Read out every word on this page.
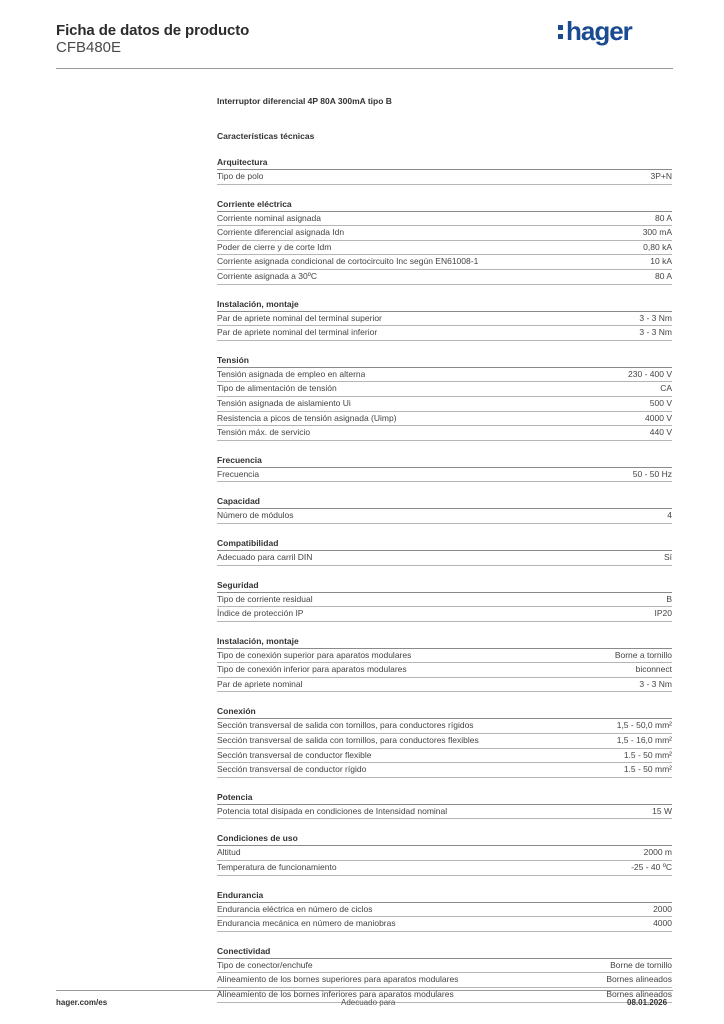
Ficha de datos de producto
CFB480E
hager
Interruptor diferencial 4P 80A 300mA tipo B
Características técnicas
Arquitectura
Tipo de polo	3P+N
Corriente eléctrica
Corriente nominal asignada	80 A
Corriente diferencial asignada Idn	300 mA
Poder de cierre y de corte Idm	0,80 kA
Corriente asignada condicional de cortocircuito Inc según EN61008-1	10 kA
Corriente asignada a 30ºC	80 A
Instalación, montaje
Par de apriete nominal del terminal superior	3 - 3 Nm
Par de apriete nominal del terminal inferior	3 - 3 Nm
Tensión
Tensión asignada de empleo en alterna	230 - 400 V
Tipo de alimentación de tensión	CA
Tensión asignada de aislamiento Ui	500 V
Resistencia a picos de tensión asignada (Uimp)	4000 V
Tensión máx. de servicio	440 V
Frecuencia
Frecuencia	50 - 50 Hz
Capacidad
Número de módulos	4
Compatibilidad
Adecuado para carril DIN	Sí
Seguridad
Tipo de corriente residual	B
Índice de protección IP	IP20
Instalación, montaje
Tipo de conexión superior para aparatos modulares	Borne a tornillo
Tipo de conexión inferior para aparatos modulares	biconnect
Par de apriete nominal	3 - 3 Nm
Conexión
Sección transversal de salida con tornillos, para conductores rígidos	1,5 - 50,0 mm²
Sección transversal de salida con tornillos, para conductores flexibles	1,5 - 16,0 mm²
Sección transversal de conductor flexible	1.5 - 50 mm²
Sección transversal de conductor rígido	1.5 - 50 mm²
Potencia
Potencia total disipada en condiciones de Intensidad nominal	15 W
Condiciones de uso
Altitud	2000 m
Temperatura de funcionamiento	-25 - 40 ºC
Endurancia
Endurancia eléctrica en número de ciclos	2000
Endurancia mecánica en número de maniobras	4000
Conectividad
Tipo de conector/enchufe	Borne de tornillo
Alineamiento de los bornes superiores para aparatos modulares	Bornes alineados
Alineamiento de los bornes inferiores para aparatos modulares	Bornes alineados
hager.com/es	Adecuado para	08.01.2026
